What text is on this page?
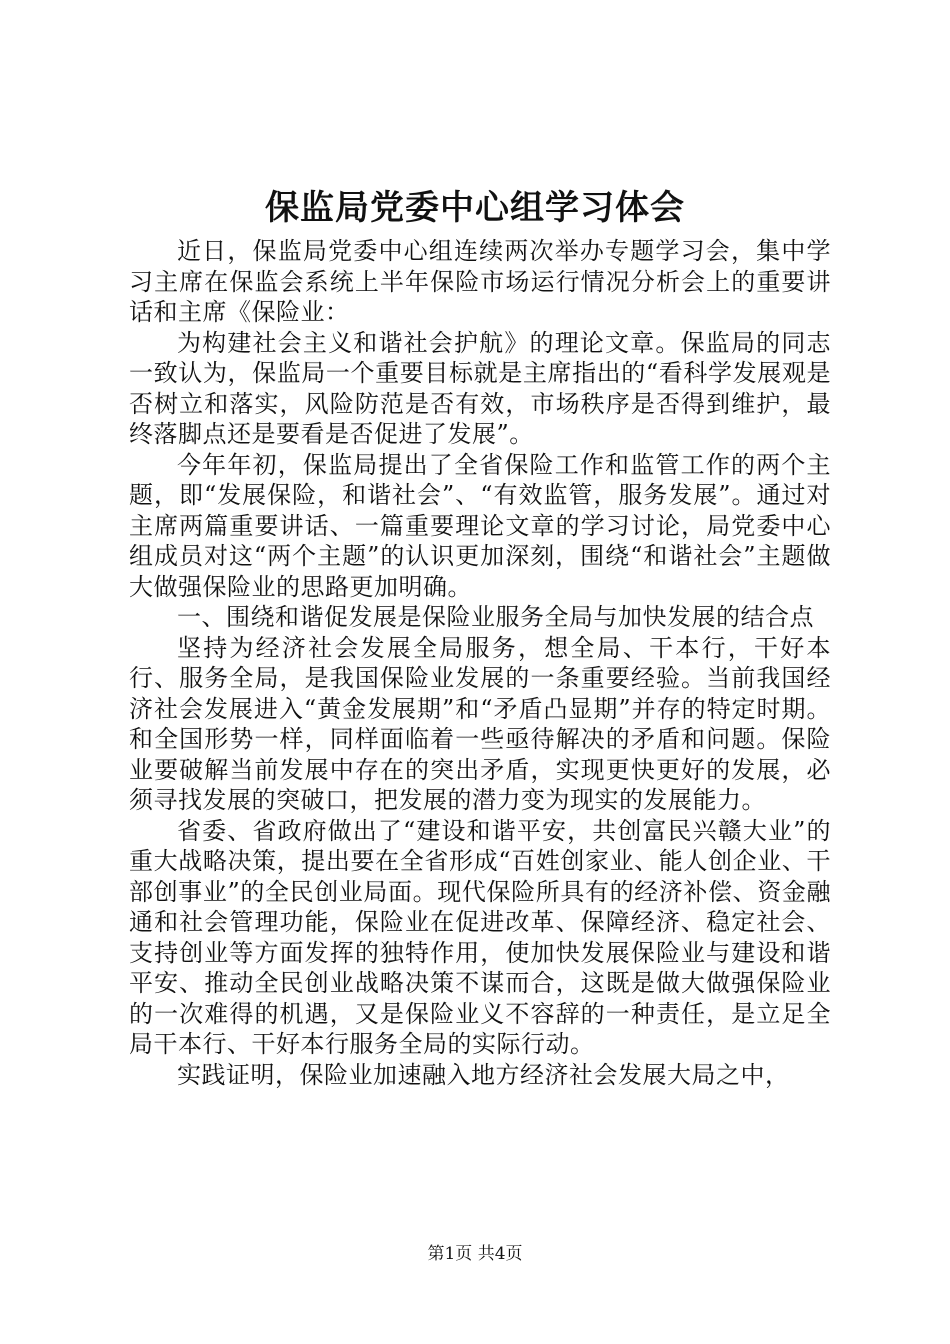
保监局党委中心组学习体会

近日，保监局党委中心组连续两次举办专题学习会，集中学习主席在保监会系统上半年保险市场运行情况分析会上的重要讲话和主席《保险业：

为构建社会主义和谐社会护航》的理论文章。保监局的同志一致认为，保监局一个重要目标就是主席指出的“看科学发展观是否树立和落实，风险防范是否有效，市场秩序是否得到维护，最终落脚点还是要看是否促进了发展”。

今年年初，保监局提出了全省保险工作和监管工作的两个主题，即“发展保险，和谐社会”、“有效监管，服务发展”。通过对主席两篇重要讲话、一篇重要理论文章的学习讨论，局党委中心组成员对这“两个主题”的认识更加深刻，围绕“和谐社会”主题做大做强保险业的思路更加明确。

一、围绕和谐促发展是保险业服务全局与加快发展的结合点

坚持为经济社会发展全局服务，想全局、干本行，干好本行、服务全局，是我国保险业发展的一条重要经验。当前我国经济社会发展进入“黄金发展期”和“矛盾凸显期”并存的特定时期。和全国形势一样，同样面临着一些亟待解决的矛盾和问题。保险业要破解当前发展中存在的突出矛盾，实现更快更好的发展，必须寻找发展的突破口，把发展的潜力变为现实的发展能力。

省委、省政府做出了“建设和谐平安，共创富民兴赣大业”的重大战略决策，提出要在全省形成“百姓创家业、能人创企业、干部创事业”的全民创业局面。现代保险所具有的经济补偿、资金融通和社会管理功能，保险业在促进改革、保障经济、稳定社会、支持创业等方面发挥的独特作用，使加快发展保险业与建设和谐平安、推动全民创业战略决策不谋而合，这既是做大做强保险业的一次难得的机遇，又是保险业义不容辞的一种责任，是立足全局干本行、干好本行服务全局的实际行动。

实践证明，保险业加速融入地方经济社会发展大局之中，

第1页 共4页
